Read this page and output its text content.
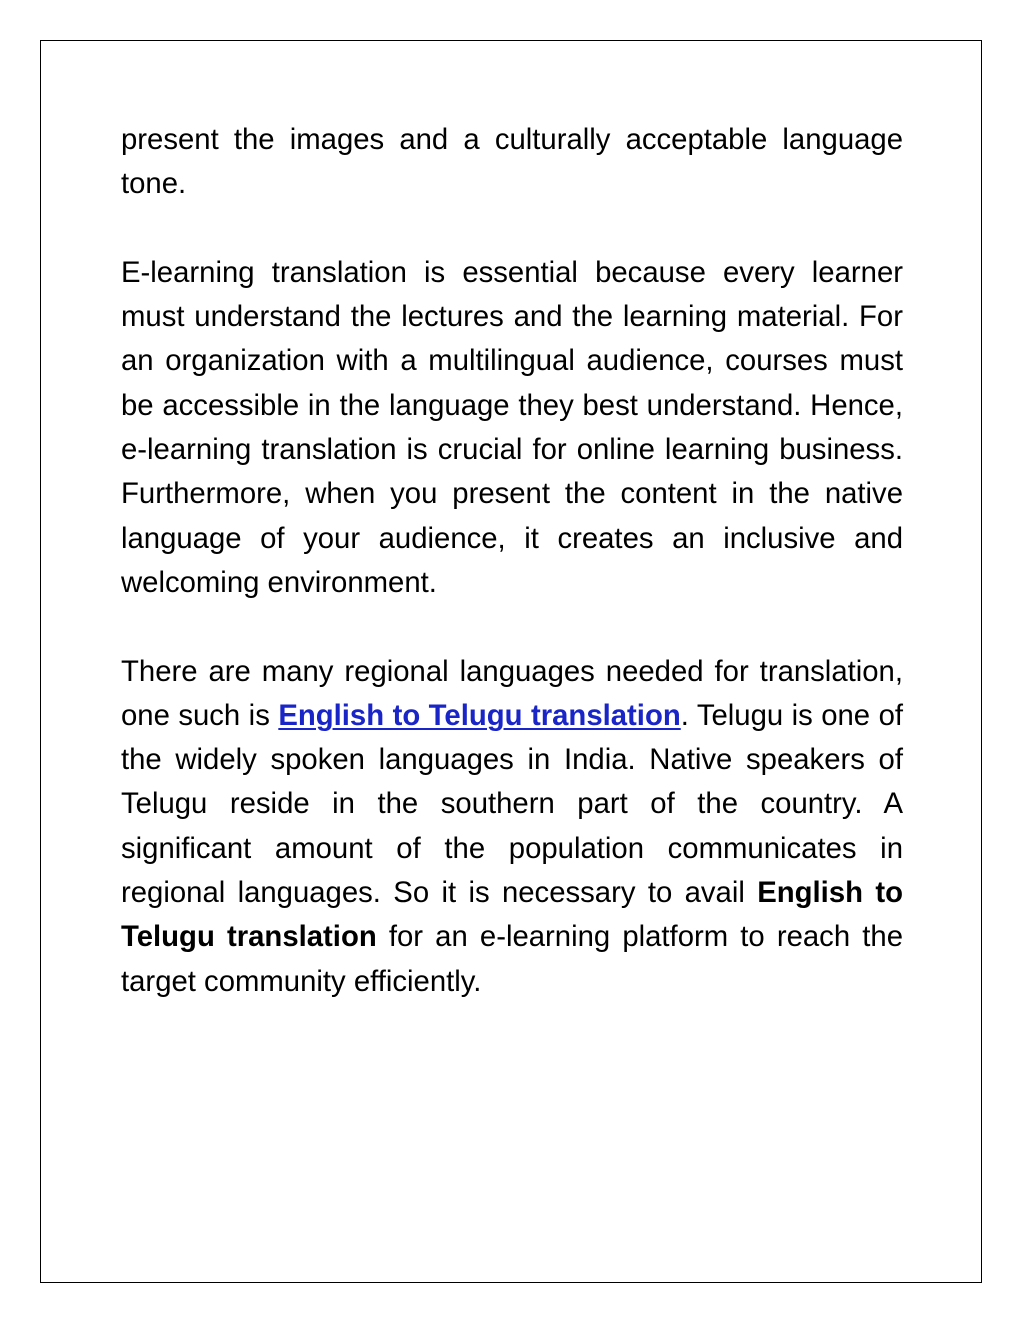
present the images and a culturally acceptable language tone.

E-learning translation is essential because every learner must understand the lectures and the learning material. For an organization with a multilingual audience, courses must be accessible in the language they best understand. Hence, e-learning translation is crucial for online learning business. Furthermore, when you present the content in the native language of your audience, it creates an inclusive and welcoming environment.

There are many regional languages needed for translation, one such is English to Telugu translation. Telugu is one of the widely spoken languages in India. Native speakers of Telugu reside in the southern part of the country. A significant amount of the population communicates in regional languages. So it is necessary to avail English to Telugu translation for an e-learning platform to reach the target community efficiently.
